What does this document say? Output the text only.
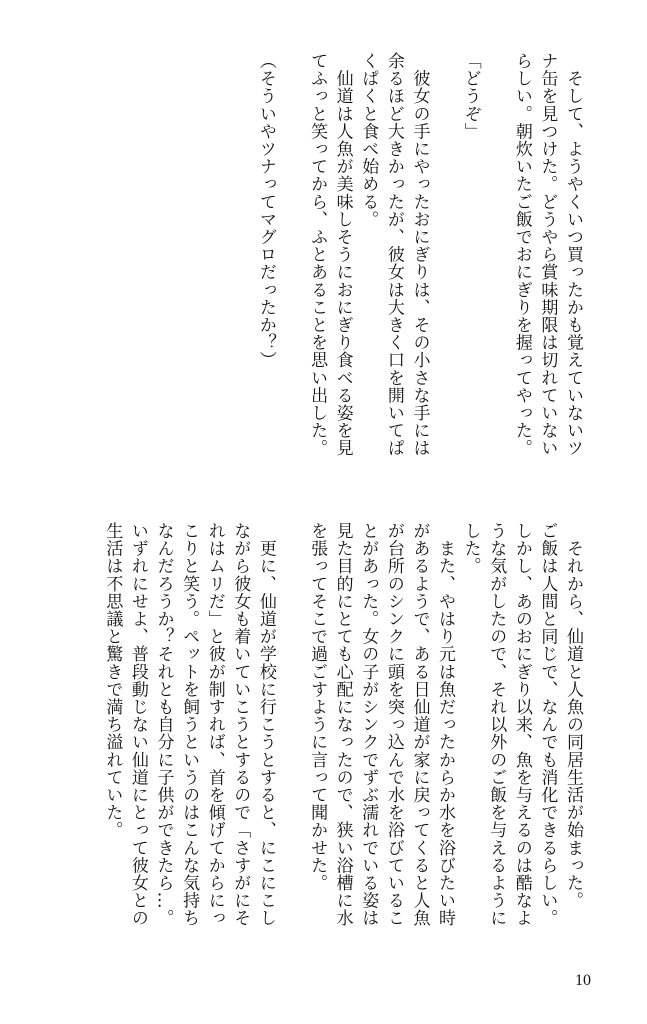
　そして、ようやくいつ買ったかも覚えていないツ
ナ缶を見つけた。どうやら賞味期限は切れていない
らしい。朝炊いたご飯でおにぎりを握ってやった。
「どうぞ」
　彼女の手にやったおにぎりは、その小さな手には
余るほど大きかったが、彼女は大きく口を開いてぱ
くぱくと食べ始める。
　仙道は人魚が美味しそうにおにぎり食べる姿を見
てふっと笑ってから、ふとあることを思い出した。
（そういやツナってマグロだったか？）
　それから、仙道と人魚の同居生活が始まった。
ご飯は人間と同じで、なんでも消化できるらしい。
しかし、あのおにぎり以来、魚を与えるのは酷なよ
うな気がしたので、それ以外のご飯を与えるように
した。
　また、やはり元は魚だったからか水を浴びたい時
があるようで、ある日仙道が家に戻ってくると人魚
が台所のシンクに頭を突っ込んで水を浴びているこ
とがあった。女の子がシンクでずぶ濡れでいる姿は
見た目的にとても心配になったので、狭い浴槽に水
を張ってそこで過ごすように言って聞かせた。
　更に、仙道が学校に行こうとすると、にこにこし
ながら彼女も着いていこうとするので「さすがにそ
れはムリだ」と彼が制すれば、首を傾げてからにっ
こりと笑う。ペットを飼うというのはこんな気持ち
なんだろうか？それとも自分に子供ができたら…。
いずれにせよ、普段動じない仙道にとって彼女との
生活は不思議と驚きで満ち溢れていた。
10
